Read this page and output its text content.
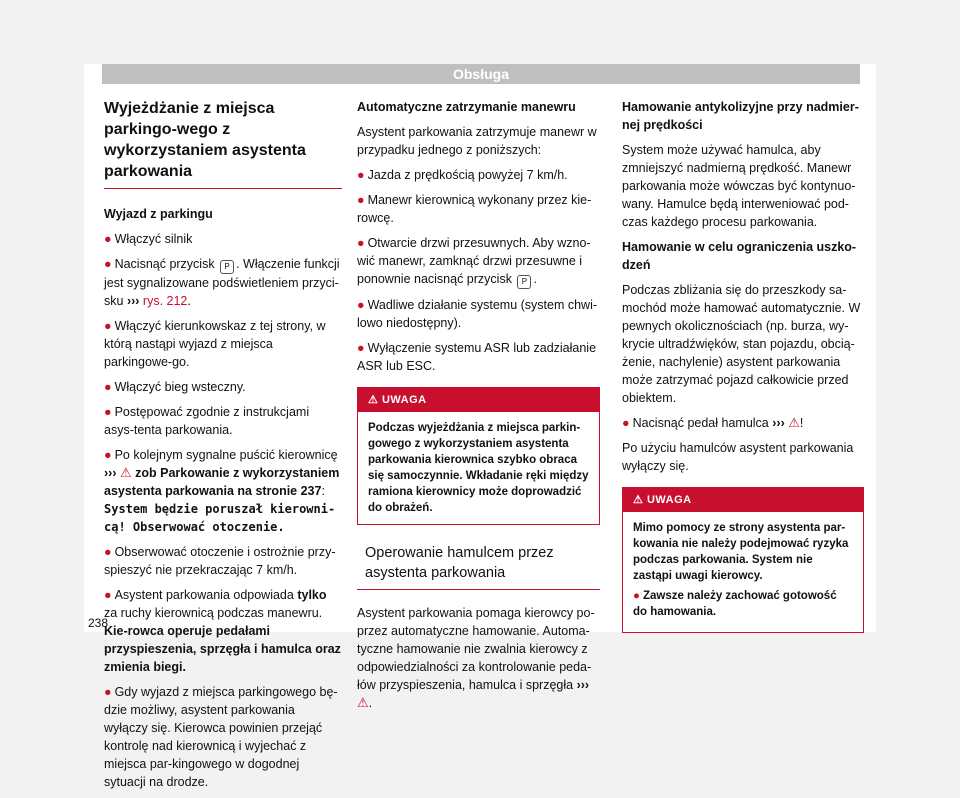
Obsługa
Wyjeżdżanie z miejsca parkingo-wego z wykorzystaniem asystenta parkowania

Wyjazd z parkingu

● Włączyć silnik

● Nacisnąć przycisk P . Włączenie funkcji jest sygnalizowane podświetleniem przyci-sku ››› rys. 212.

● Włączyć kierunkowskaz z tej strony, w którą nastąpi wyjazd z miejsca parkingowe-go.

● Włączyć bieg wsteczny.

● Postępować zgodnie z instrukcjami asys-tenta parkowania.

● Po kolejnym sygnalne puścić kierownicę ››› ⚠ zob Parkowanie z wykorzystaniem asystenta parkowania na stronie 237: System będzie poruszał kierowni-cą! Obserwować otoczenie.

● Obserwować otoczenie i ostrożnie przy-spieszyć nie przekraczając 7 km/h.

● Asystent parkowania odpowiada tylko za ruchy kierownicą podczas manewru. Kie-rowca operuje pedałami przyspieszenia, sprzęgła i hamulca oraz zmienia biegi.

● Gdy wyjazd z miejsca parkingowego bę-dzie możliwy, asystent parkowania wyłączy się. Kierowca powinien przejąć kontrolę nad kierownicą i wyjechać z miejsca par-kingowego w dogodnej sytuacji na drodze.

Automatyczne zatrzymanie manewru

Asystent parkowania zatrzymuje manewr w przypadku jednego z poniższych:

● Jazda z prędkością powyżej 7 km/h.

● Manewr kierownicą wykonany przez kie-rowcę.

● Otwarcie drzwi przesuwnych. Aby wzno-wić manewr, zamknąć drzwi przesuwne i ponownie nacisnąć przycisk P .

● Wadliwe działanie systemu (system chwi-lowo niedostępny).

● Wyłączenie systemu ASR lub zadziałanie ASR lub ESC.

⚠ UWAGA
Podczas wyjeżdżania z miejsca parkin-gowego z wykorzystaniem asystenta parkowania kierownica szybko obraca się samoczynnie. Wkładanie ręki między ramiona kierownicy może doprowadzić do obrażeń.
Operowanie hamulcem przez asystenta parkowania

Asystent parkowania pomaga kierowcy po-przez automatyczne hamowanie. Automa-tyczne hamowanie nie zwalnia kierowcy z odpowiedzialności za kontrolowanie peda-łów przyspieszenia, hamulca i sprzęgła ››› ⚠.

Hamowanie antykolizyjne przy nadmier-nej prędkości

System może używać hamulca, aby zmniejszyć nadmierną prędkość. Manewr parkowania może wówczas być kontynuo-wany. Hamulce będą interweniować pod-czas każdego procesu parkowania.

Hamowanie w celu ograniczenia uszko-dzeń

Podczas zbliżania się do przeszkody sa-mochód może hamować automatycznie. W pewnych okolicznościach (np. burza, wy-krycie ultradźwięków, stan pojazdu, obcią-żenie, nachylenie) asystent parkowania może zatrzymać pojazd całkowicie przed obiektem.

● Nacisnąć pedał hamulca ››› ⚠!

Po użyciu hamulców asystent parkowania wyłączy się.

⚠ UWAGA

Mimo pomocy ze strony asystenta par-kowania nie należy podejmować ryzyka podczas parkowania. System nie zastąpi uwagi kierowcy.

● Zawsze należy zachować gotowość do hamowania.

238
